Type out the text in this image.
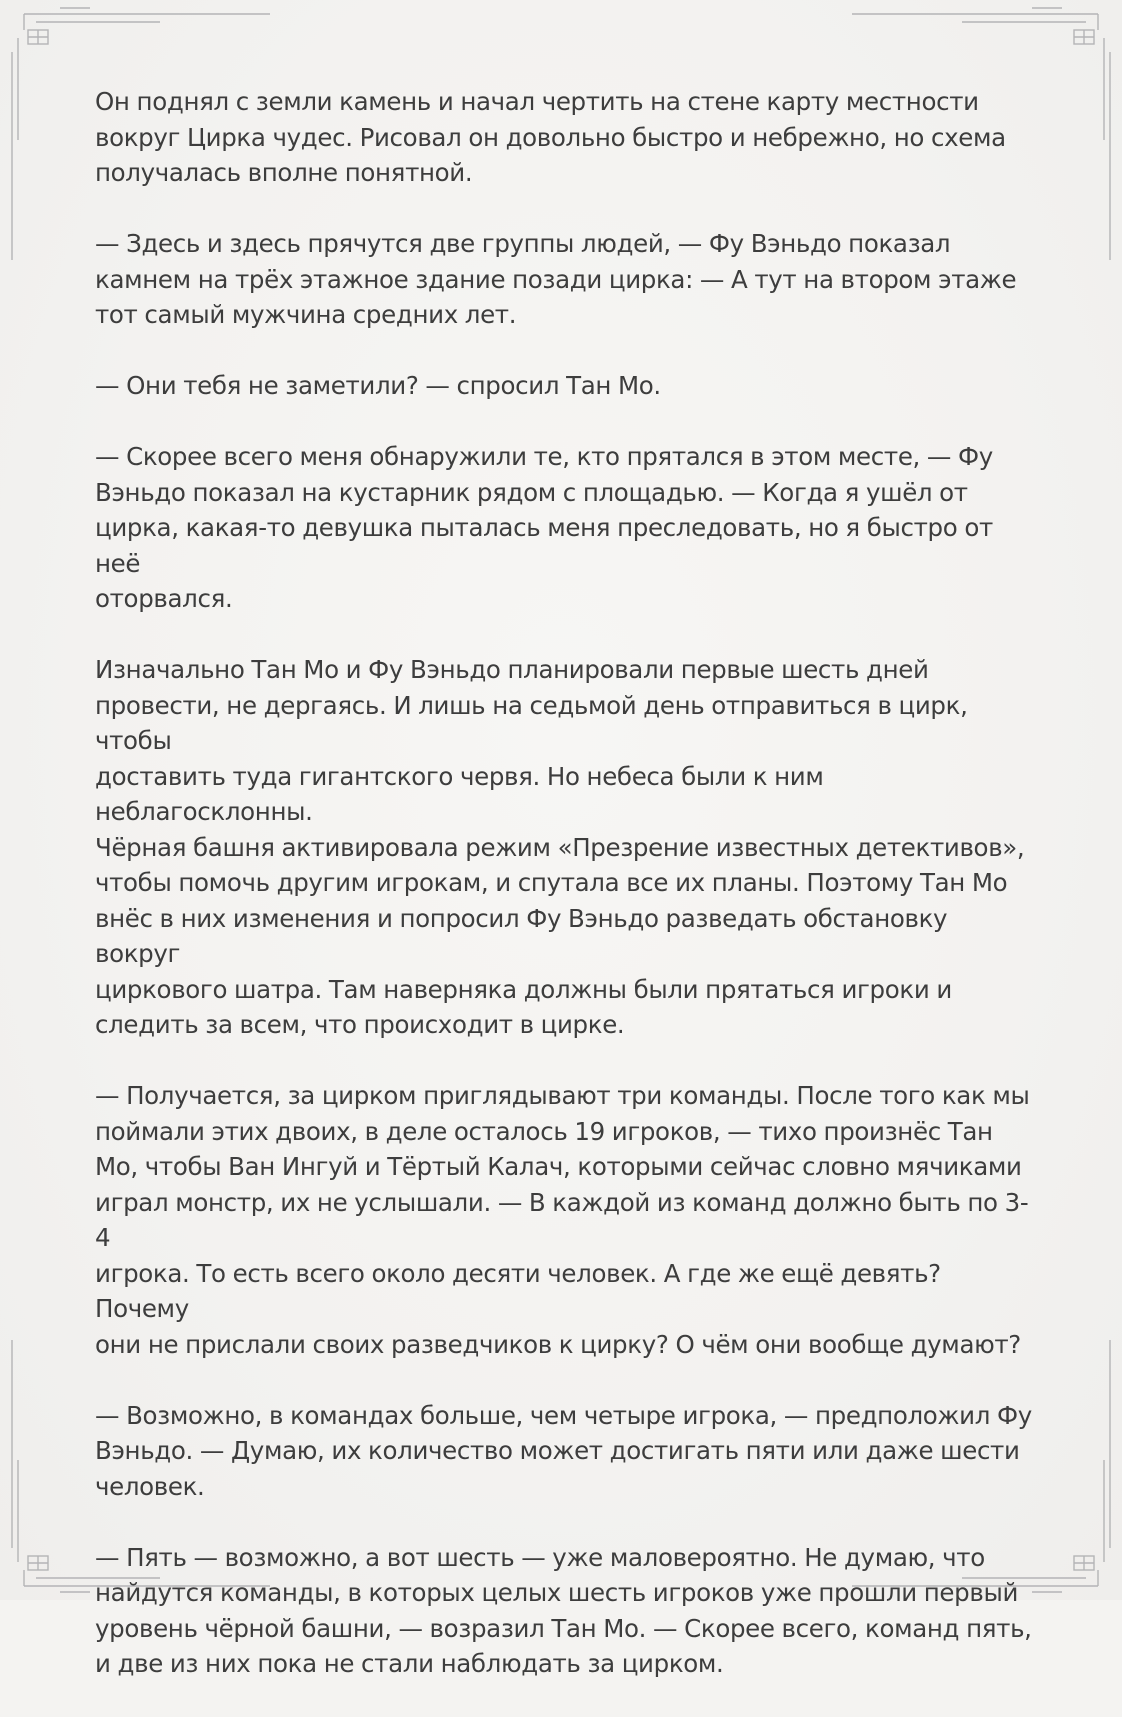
Он поднял с земли камень и начал чертить на стене карту местности
вокруг Цирка чудес. Рисовал он довольно быстро и небрежно, но схема
получалась вполне понятной.

— Здесь и здесь прячутся две группы людей, — Фу Вэньдо показал
камнем на трёх этажное здание позади цирка: — А тут на втором этаже
тот самый мужчина средних лет.

— Они тебя не заметили? — спросил Тан Мо.

— Скорее всего меня обнаружили те, кто прятался в этом месте, — Фу
Вэньдо показал на кустарник рядом с площадью. — Когда я ушёл от
цирка, какая-то девушка пыталась меня преследовать, но я быстро от неё
оторвался.

Изначально Тан Мо и Фу Вэньдо планировали первые шесть дней
провести, не дергаясь. И лишь на седьмой день отправиться в цирк, чтобы
доставить туда гигантского червя. Но небеса были к ним неблагосклонны.
Чёрная башня активировала режим «Презрение известных детективов»,
чтобы помочь другим игрокам, и спутала все их планы. Поэтому Тан Мо
внёс в них изменения и попросил Фу Вэньдо разведать обстановку вокруг
циркового шатра. Там наверняка должны были прятаться игроки и
следить за всем, что происходит в цирке.

— Получается, за цирком приглядывают три команды. После того как мы
поймали этих двоих, в деле осталось 19 игроков, — тихо произнёс Тан
Мо, чтобы Ван Ингуй и Тёртый Калач, которыми сейчас словно мячиками
играл монстр, их не услышали. — В каждой из команд должно быть по 3-4
игрока. То есть всего около десяти человек. А где же ещё девять? Почему
они не прислали своих разведчиков к цирку? О чём они вообще думают?

— Возможно, в командах больше, чем четыре игрока, — предположил Фу
Вэньдо. — Думаю, их количество может достигать пяти или даже шести
человек.

— Пять — возможно, а вот шесть — уже маловероятно. Не думаю, что
найдутся команды, в которых целых шесть игроков уже прошли первый
уровень чёрной башни, — возразил Тан Мо. — Скорее всего, команд пять,
и две из них пока не стали наблюдать за цирком.
